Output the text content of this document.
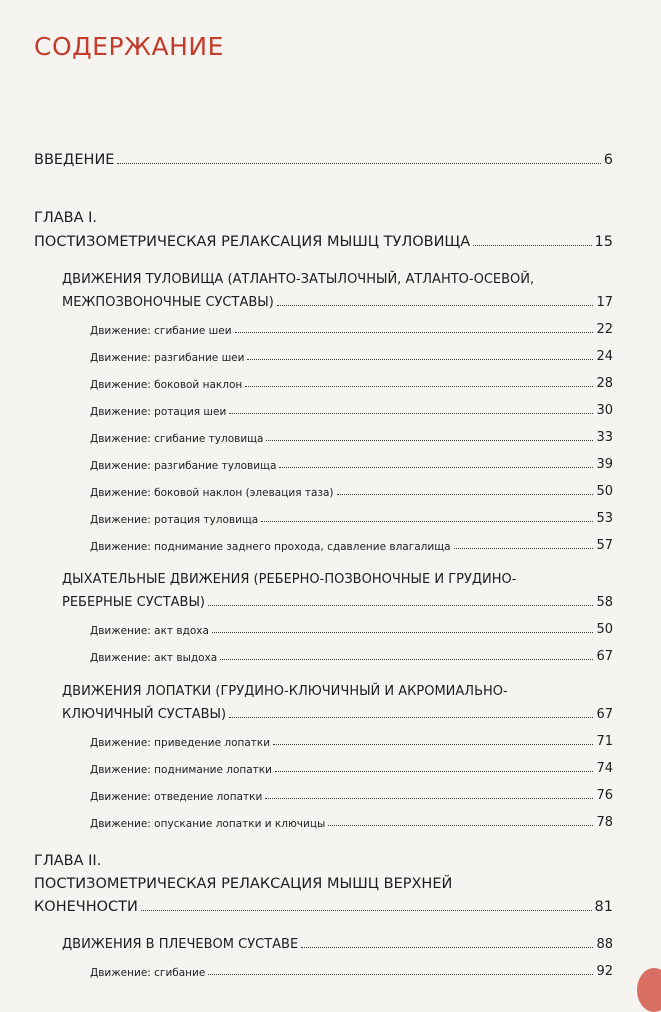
СОДЕРЖАНИЕ
ВВЕДЕНИЕ	6
ГЛАВА I.
ПОСТИЗОМЕТРИЧЕСКАЯ РЕЛАКСАЦИЯ МЫШЦ ТУЛОВИЩА	15
ДВИЖЕНИЯ ТУЛОВИЩА (АТЛАНТО-ЗАТЫЛОЧНЫЙ, АТЛАНТО-ОСЕВОЙ,
МЕЖПОЗВОНОЧНЫЕ СУСТАВЫ)	17
Движение: сгибание шеи	22
Движение: разгибание шеи	24
Движение: боковой наклон	28
Движение: ротация шеи	30
Движение: сгибание туловища	33
Движение: разгибание туловища	39
Движение: боковой наклон (элевация таза)	50
Движение: ротация туловища	53
Движение: поднимание заднего прохода, сдавление влагалища	57
ДЫХАТЕЛЬНЫЕ ДВИЖЕНИЯ (РЕБЕРНО-ПОЗВОНОЧНЫЕ И ГРУДИНО-
РЕБЕРНЫЕ СУСТАВЫ)	58
Движение: акт вдоха	50
Движение: акт выдоха	67
ДВИЖЕНИЯ ЛОПАТКИ (ГРУДИНО-КЛЮЧИЧНЫЙ И АКРОМИАЛЬНО-
КЛЮЧИЧНЫЙ СУСТАВЫ)	67
Движение: приведение лопатки	71
Движение: поднимание лопатки	74
Движение: отведение лопатки	76
Движение: опускание лопатки и ключицы	78
ГЛАВА II.
ПОСТИЗОМЕТРИЧЕСКАЯ РЕЛАКСАЦИЯ МЫШЦ ВЕРХНЕЙ
КОНЕЧНОСТИ	81
ДВИЖЕНИЯ В ПЛЕЧЕВОМ СУСТАВЕ	88
Движение: сгибание	92
